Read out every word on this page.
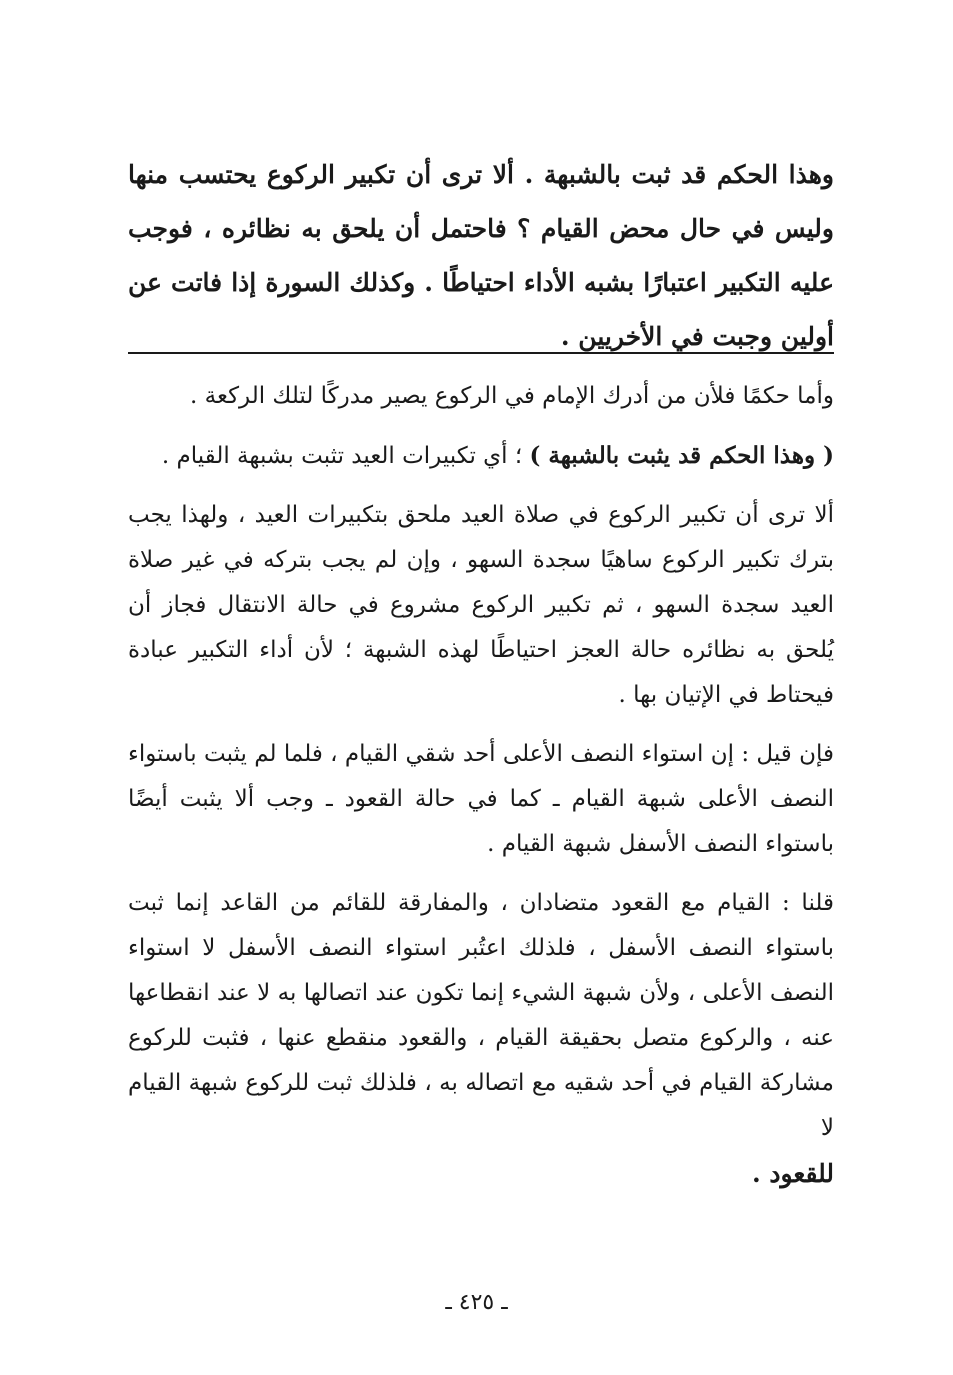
وهذا الحكم قد ثبت بالشبهة . ألا ترى أن تكبير الركوع يحتسب منها وليس في حال محض القيام ؟ فاحتمل أن يلحق به نظائره ، فوجب عليه التكبير اعتبارًا بشبه الأداء احتياطًا . وكذلك السورة إذا فاتت عن أولين وجبت في الأخريين .

وأما حكمًا فلأن من أدرك الإمام في الركوع يصير مدركًا لتلك الركعة .

( وهذا الحكم قد يثبت بالشبهة ) ؛ أي تكبيرات العيد تثبت بشبهة القيام .

ألا ترى أن تكبير الركوع في صلاة العيد ملحق بتكبيرات العيد ، ولهذا يجب بترك تكبير الركوع ساهيًا سجدة السهو ، وإن لم يجب بتركه في غير صلاة العيد سجدة السهو ، ثم تكبير الركوع مشروع في حالة الانتقال فجاز أن يُلحق به نظائره حالة العجز احتياطًا لهذه الشبهة ؛ لأن أداء التكبير عبادة فيحتاط في الإتيان بها .

فإن قيل : إن استواء النصف الأعلى أحد شقي القيام ، فلما لم يثبت باستواء النصف الأعلى شبهة القيام ـ كما في حالة القعود ـ وجب ألا يثبت أيضًا باستواء النصف الأسفل شبهة القيام .

قلنا : القيام مع القعود متضادان ، والمفارقة للقائم من القاعد إنما ثبت باستواء النصف الأسفل ، فلذلك اعتُبر استواء النصف الأسفل لا استواء النصف الأعلى ، ولأن شبهة الشيء إنما تكون عند اتصالها به لا عند انقطاعها عنه ، والركوع متصل بحقيقة القيام ، والقعود منقطع عنها ، فثبت للركوع مشاركة القيام في أحد شقيه مع اتصاله به ، فلذلك ثبت للركوع شبهة القيام لا

للقعود .

ـ ٤٢٥ ـ
